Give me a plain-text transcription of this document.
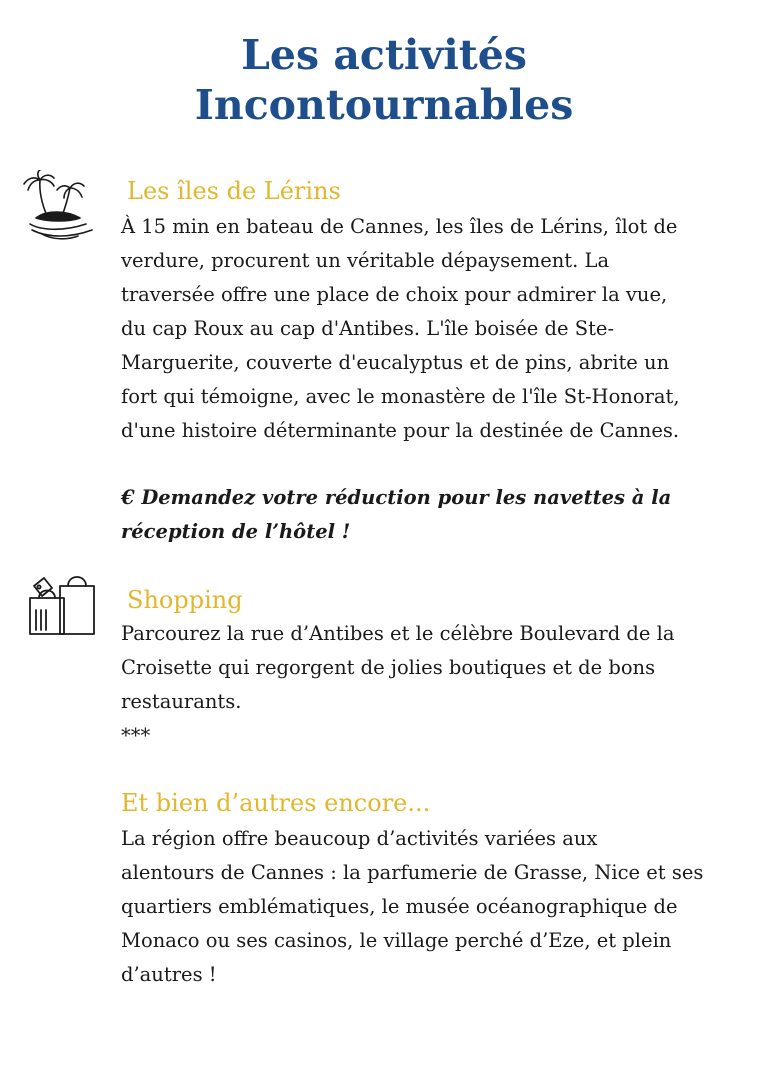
Les activités
Incontournables
Les îles de Lérins
À 15 min en bateau de Cannes, les îles de Lérins, îlot de
verdure, procurent un véritable dépaysement. La
traversée offre une place de choix pour admirer la vue,
du cap Roux au cap d'Antibes. L'île boisée de Ste-
Marguerite, couverte d'eucalyptus et de pins, abrite un
fort qui témoigne, avec le monastère de l'île St-Honorat,
d'une histoire déterminante pour la destinée de Cannes.
€ Demandez votre réduction pour les navettes à la
réception de l’hôtel !
Shopping
Parcourez la rue d’Antibes et le célèbre Boulevard de la
Croisette qui regorgent de jolies boutiques et de bons
restaurants.
***
Et bien d’autres encore...
La région offre beaucoup d’activités variées aux
alentours de Cannes : la parfumerie de Grasse, Nice et ses
quartiers emblématiques, le musée océanographique de
Monaco ou ses casinos, le village perché d’Eze, et plein
d’autres !
